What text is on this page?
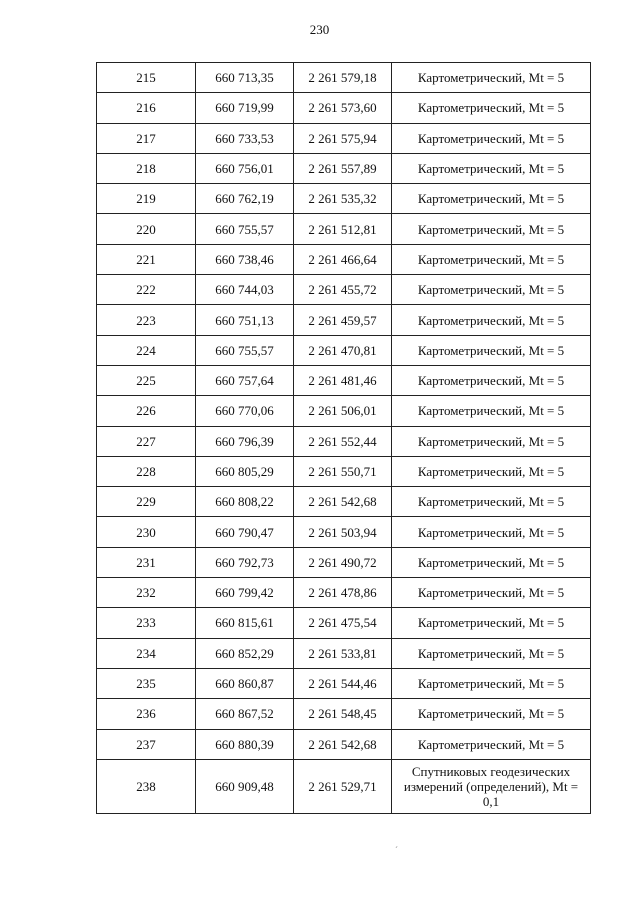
230
215	660 713,35	2 261 579,18	Картометрический, Mt = 5
216	660 719,99	2 261 573,60	Картометрический, Mt = 5
217	660 733,53	2 261 575,94	Картометрический, Mt = 5
218	660 756,01	2 261 557,89	Картометрический, Mt = 5
219	660 762,19	2 261 535,32	Картометрический, Mt = 5
220	660 755,57	2 261 512,81	Картометрический, Mt = 5
221	660 738,46	2 261 466,64	Картометрический, Mt = 5
222	660 744,03	2 261 455,72	Картометрический, Mt = 5
223	660 751,13	2 261 459,57	Картометрический, Mt = 5
224	660 755,57	2 261 470,81	Картометрический, Mt = 5
225	660 757,64	2 261 481,46	Картометрический, Mt = 5
226	660 770,06	2 261 506,01	Картометрический, Mt = 5
227	660 796,39	2 261 552,44	Картометрический, Mt = 5
228	660 805,29	2 261 550,71	Картометрический, Mt = 5
229	660 808,22	2 261 542,68	Картометрический, Mt = 5
230	660 790,47	2 261 503,94	Картометрический, Mt = 5
231	660 792,73	2 261 490,72	Картометрический, Mt = 5
232	660 799,42	2 261 478,86	Картометрический, Mt = 5
233	660 815,61	2 261 475,54	Картометрический, Mt = 5
234	660 852,29	2 261 533,81	Картометрический, Mt = 5
235	660 860,87	2 261 544,46	Картометрический, Mt = 5
236	660 867,52	2 261 548,45	Картометрический, Mt = 5
237	660 880,39	2 261 542,68	Картометрический, Mt = 5
238	660 909,48	2 261 529,71	Спутниковых геодезических измерений (определений), Mt = 0,1
´
